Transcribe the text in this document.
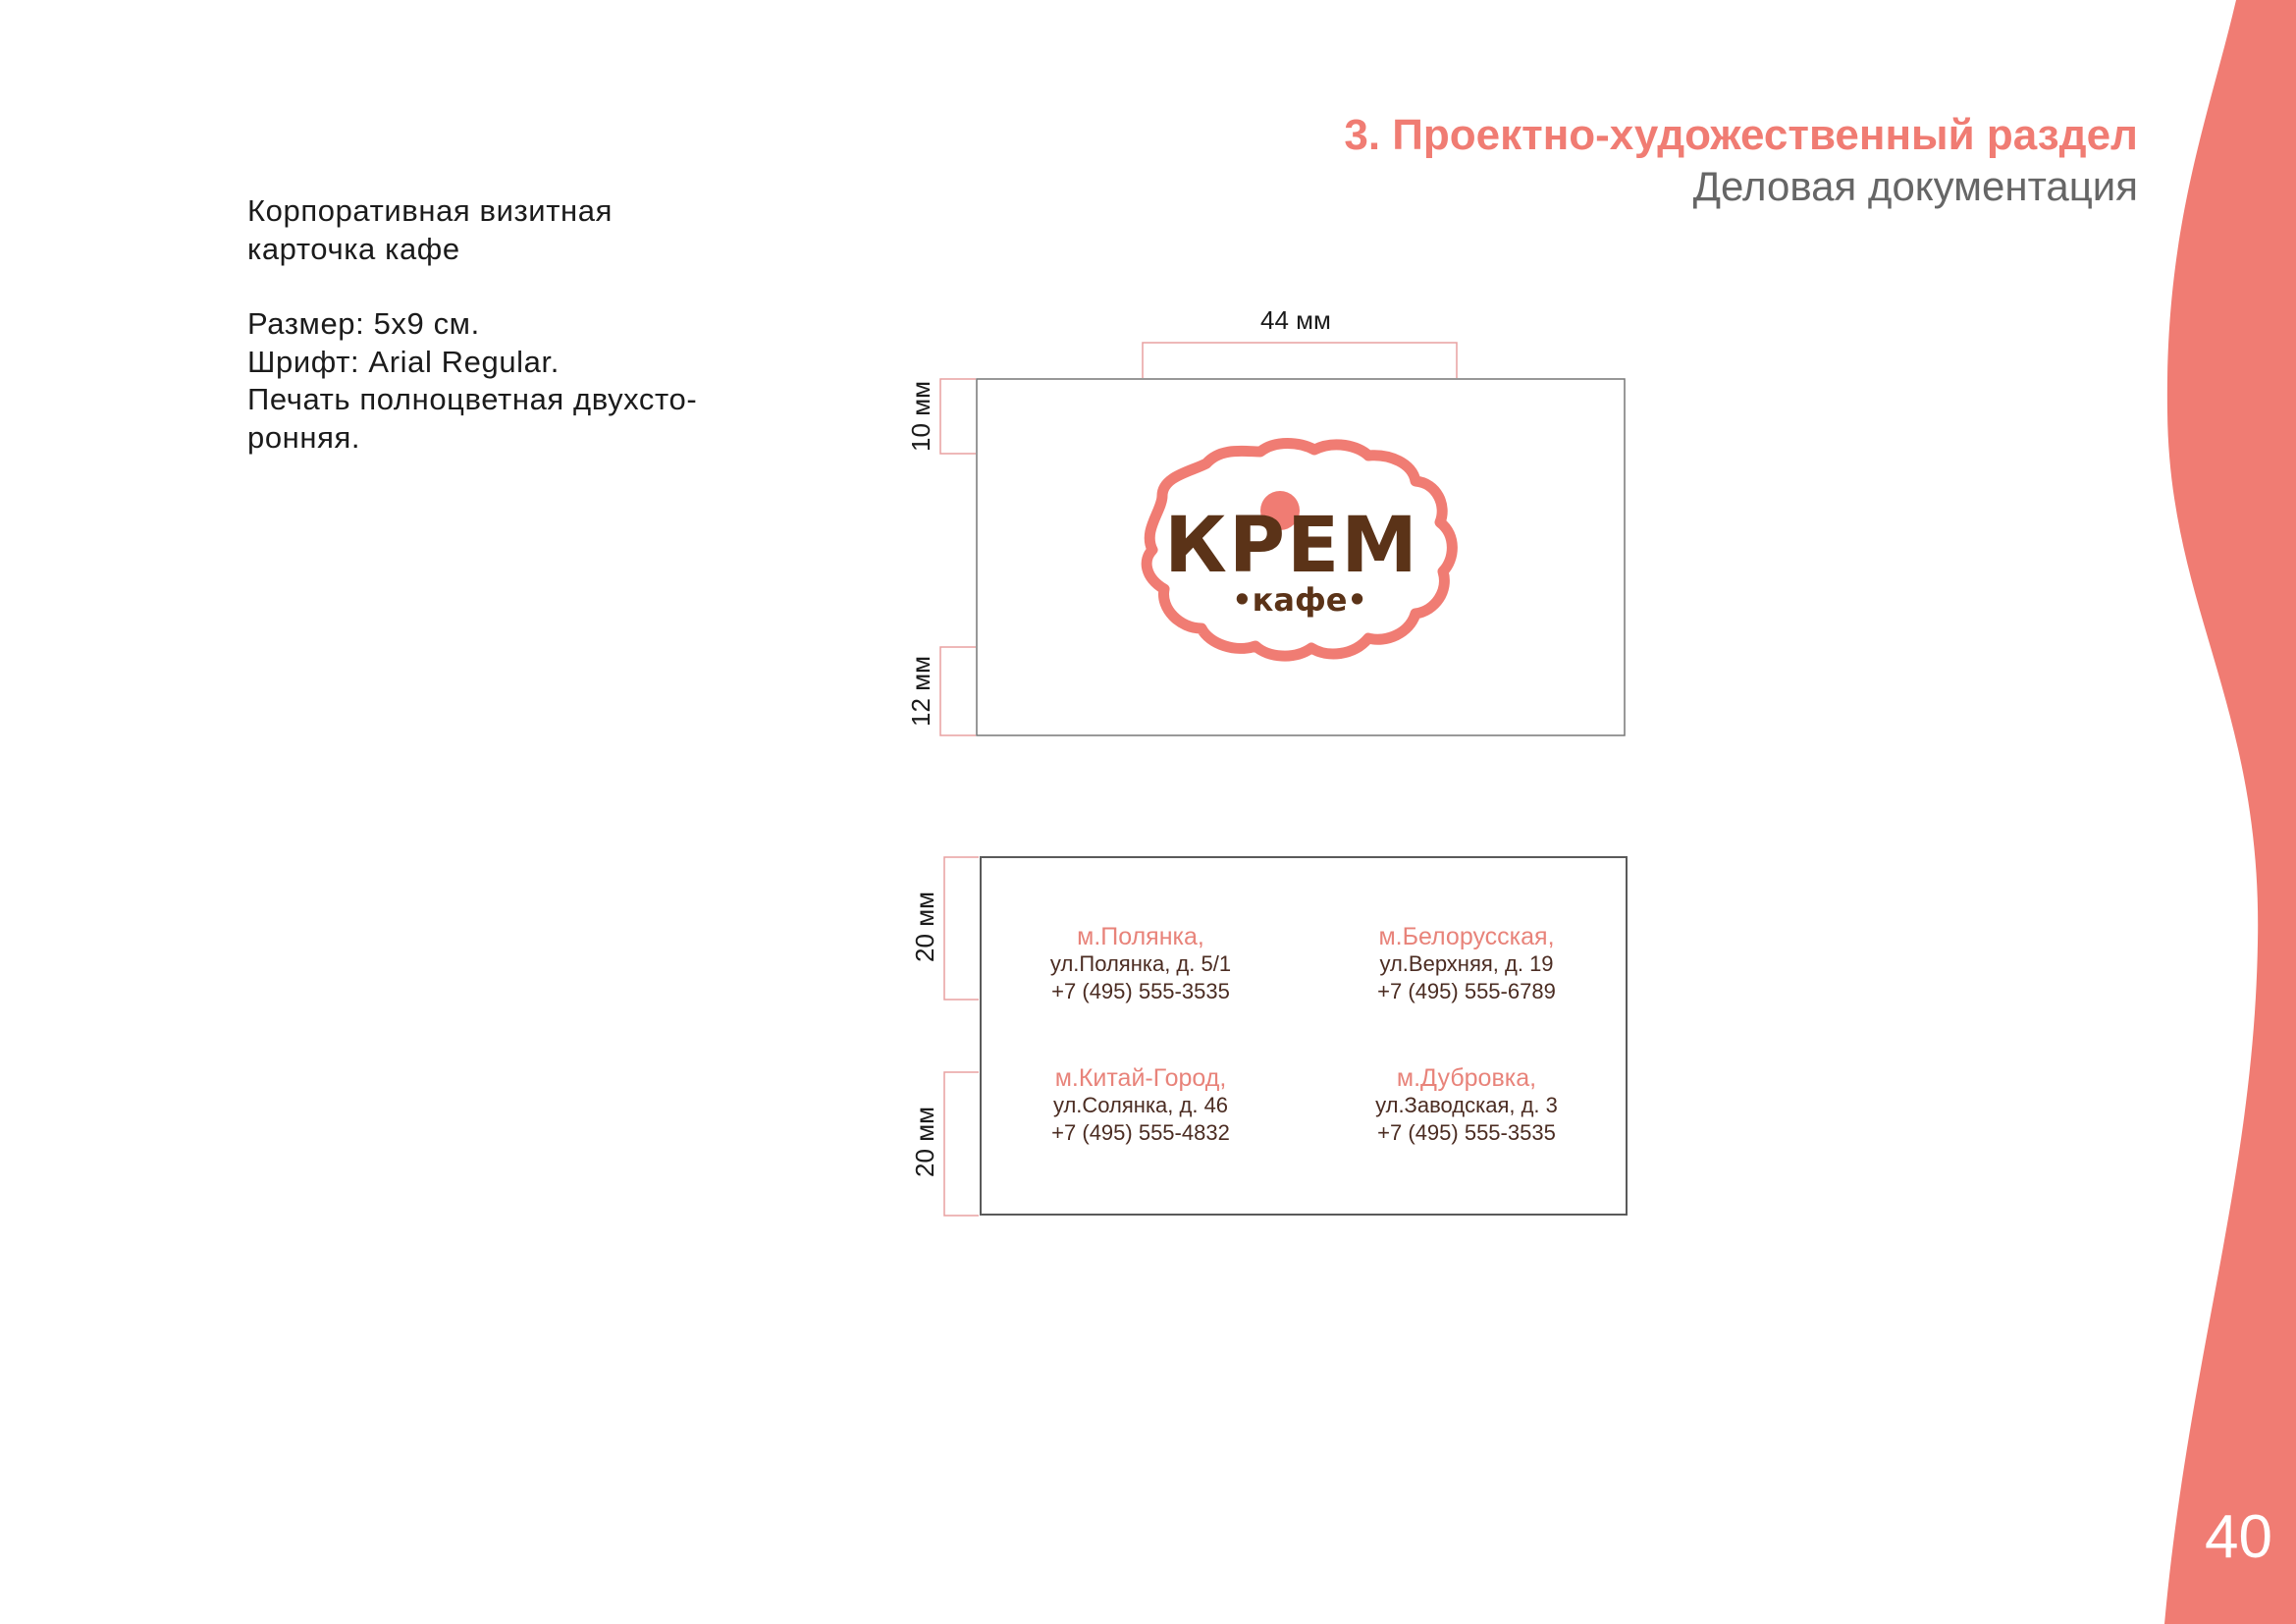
40

3. Проектно-художественный раздел

Деловая документация

Корпоративная визитная

карточка кафе

Размер: 5х9 см.

Шрифт: Arial Regular.

Печать полноцветная двухсто-

ронняя.

КРЕМ
•кафе•
44 мм
10 мм
12 мм
20 мм
20 мм
м.Полянка,
ул.Полянка, д. 5/1
+7 (495) 555-3535
м.Белорусская,
ул.Верхняя, д. 19
+7 (495) 555-6789
м.Китай-Город,
ул.Солянка, д. 46
+7 (495) 555-4832
м.Дубровка,
ул.Заводская, д. 3
+7 (495) 555-3535
